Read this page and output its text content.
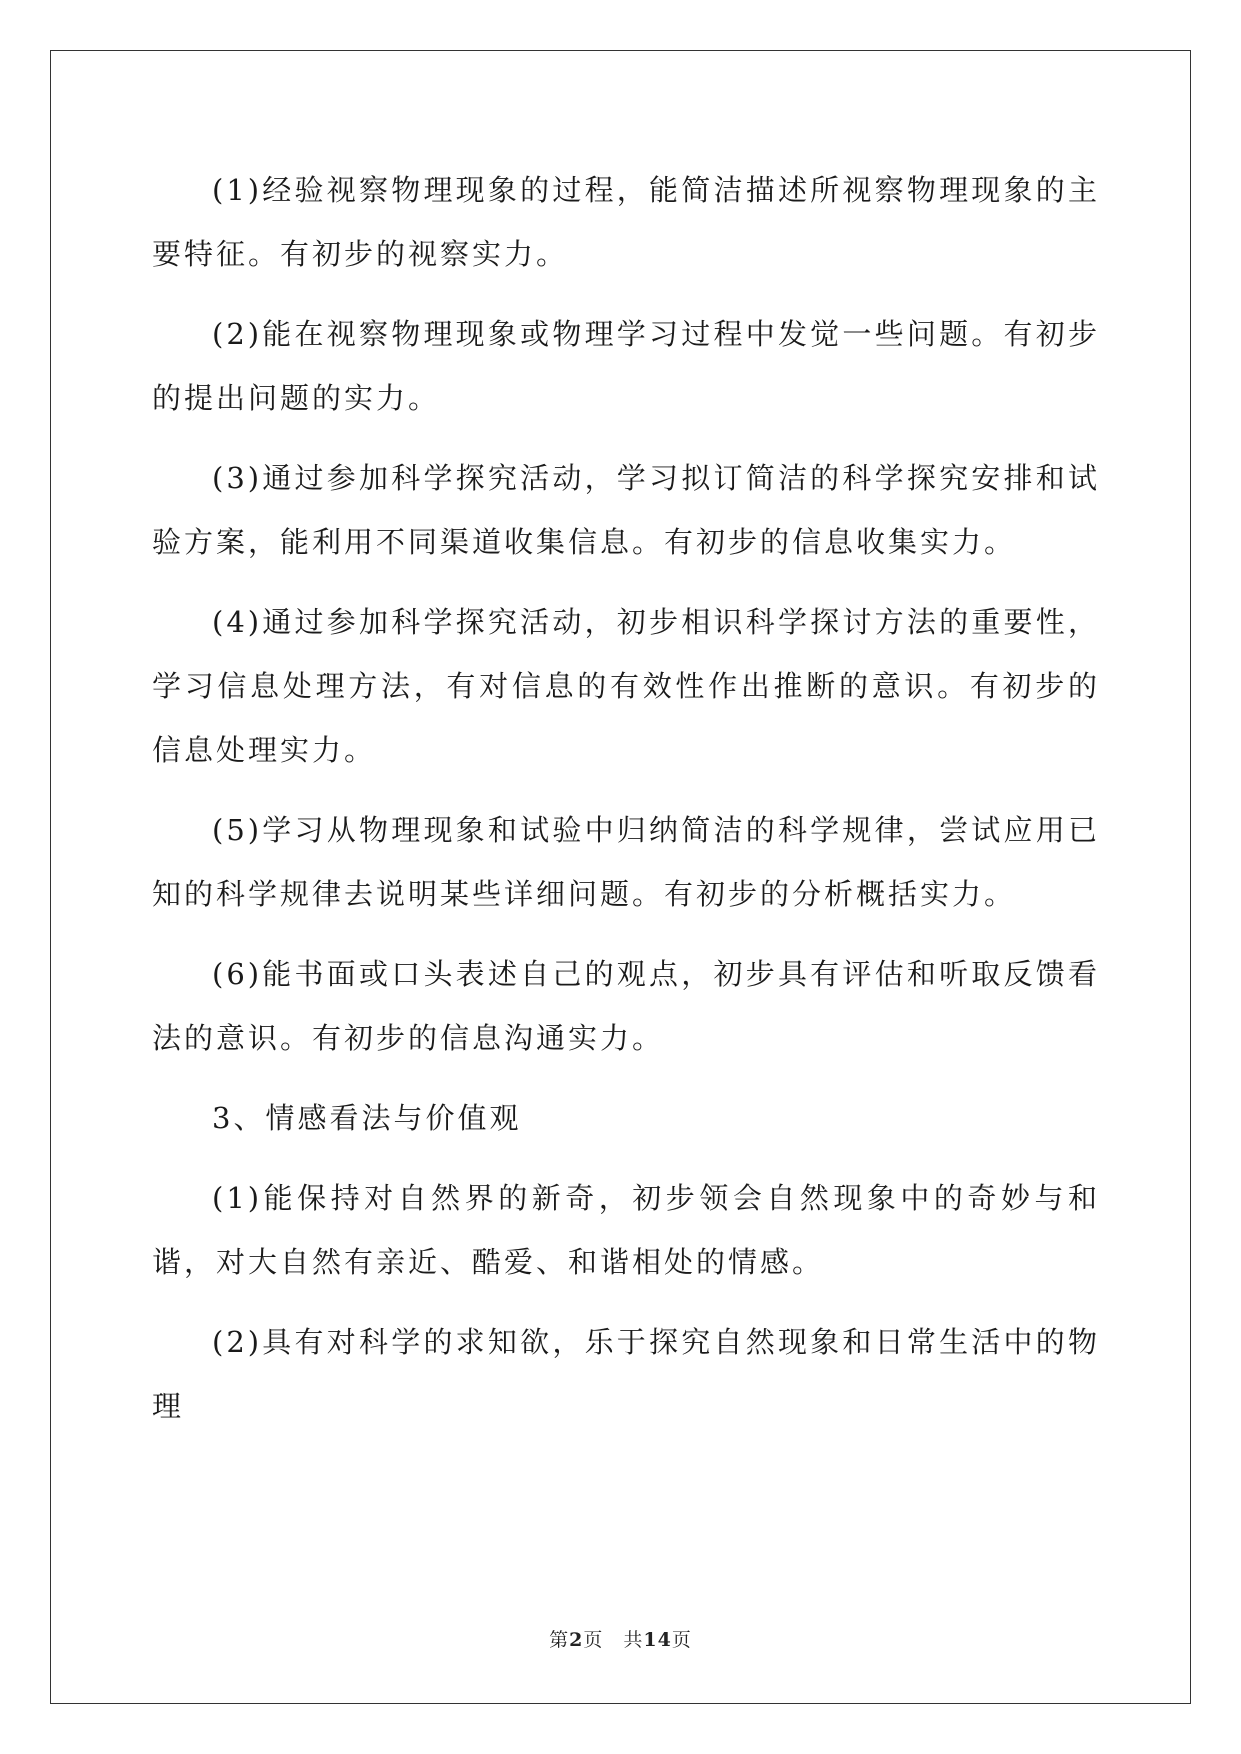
(1)经验视察物理现象的过程，能简洁描述所视察物理现象的主要特征。有初步的视察实力。

(2)能在视察物理现象或物理学习过程中发觉一些问题。有初步的提出问题的实力。

(3)通过参加科学探究活动，学习拟订简洁的科学探究安排和试验方案，能利用不同渠道收集信息。有初步的信息收集实力。

(4)通过参加科学探究活动，初步相识科学探讨方法的重要性，学习信息处理方法，有对信息的有效性作出推断的意识。有初步的信息处理实力。

(5)学习从物理现象和试验中归纳简洁的科学规律，尝试应用已知的科学规律去说明某些详细问题。有初步的分析概括实力。

(6)能书面或口头表述自己的观点，初步具有评估和听取反馈看法的意识。有初步的信息沟通实力。

3、情感看法与价值观

(1)能保持对自然界的新奇，初步领会自然现象中的奇妙与和谐，对大自然有亲近、酷爱、和谐相处的情感。

(2)具有对科学的求知欲，乐于探究自然现象和日常生活中的物理

第2页 共14页
